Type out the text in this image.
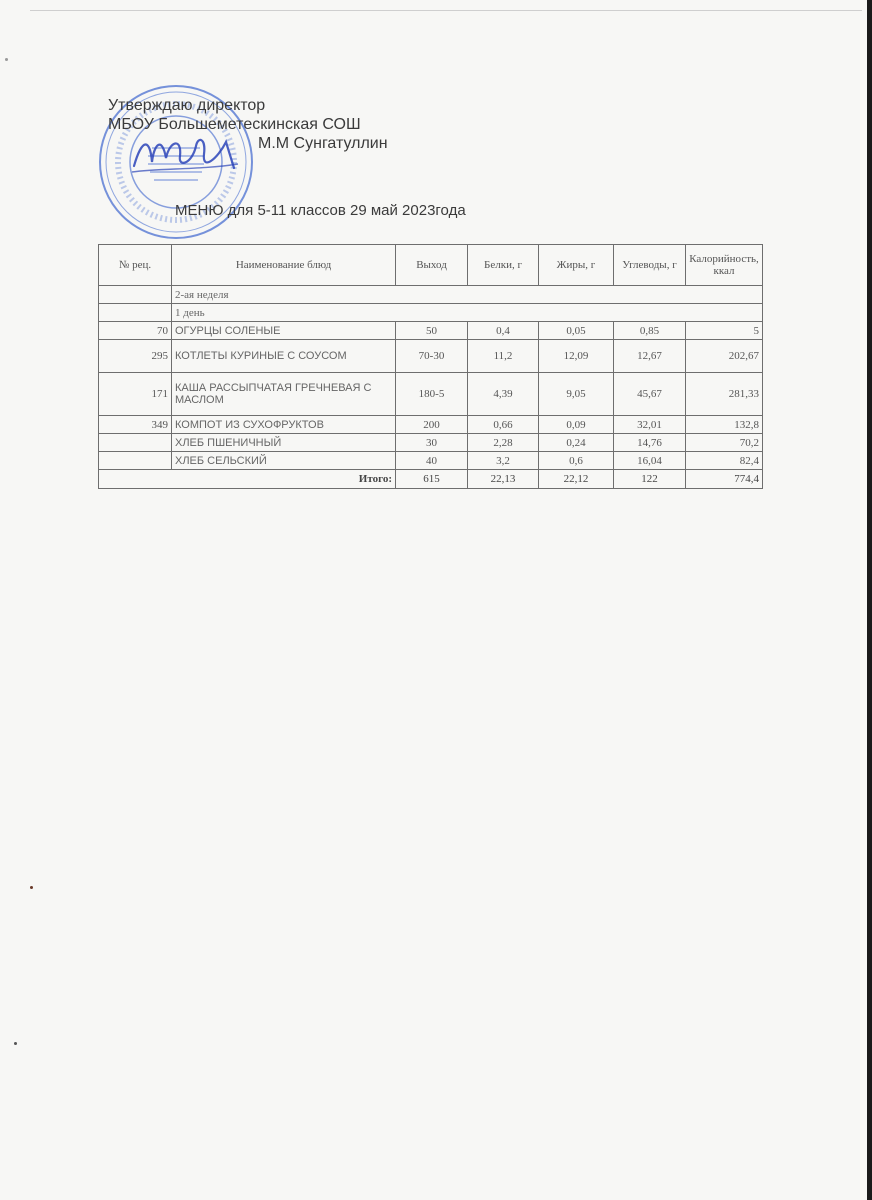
Утверждаю директор
МБОУ Большеметескинская СОШ
М.М Сунгатуллин
МЕНЮ для 5-11 классов 29 май 2023года
№ рец.	Наименование блюд	Выход	Белки, г	Жиры, г	Углеводы, г	Калорийность, ккал
	2-ая неделя					
	1 день					
70	ОГУРЦЫ СОЛЕНЫЕ	50	0,4	0,05	0,85	5
295	КОТЛЕТЫ КУРИНЫЕ С СОУСОМ	70-30	11,2	12,09	12,67	202,67
171	КАША РАССЫПЧАТАЯ ГРЕЧНЕВАЯ С МАСЛОМ	180-5	4,39	9,05	45,67	281,33
349	КОМПОТ ИЗ СУХОФРУКТОВ	200	0,66	0,09	32,01	132,8
	ХЛЕБ ПШЕНИЧНЫЙ	30	2,28	0,24	14,76	70,2
	ХЛЕБ СЕЛЬСКИЙ	40	3,2	0,6	16,04	82,4
Итого:		615	22,13	22,12	122	774,4
